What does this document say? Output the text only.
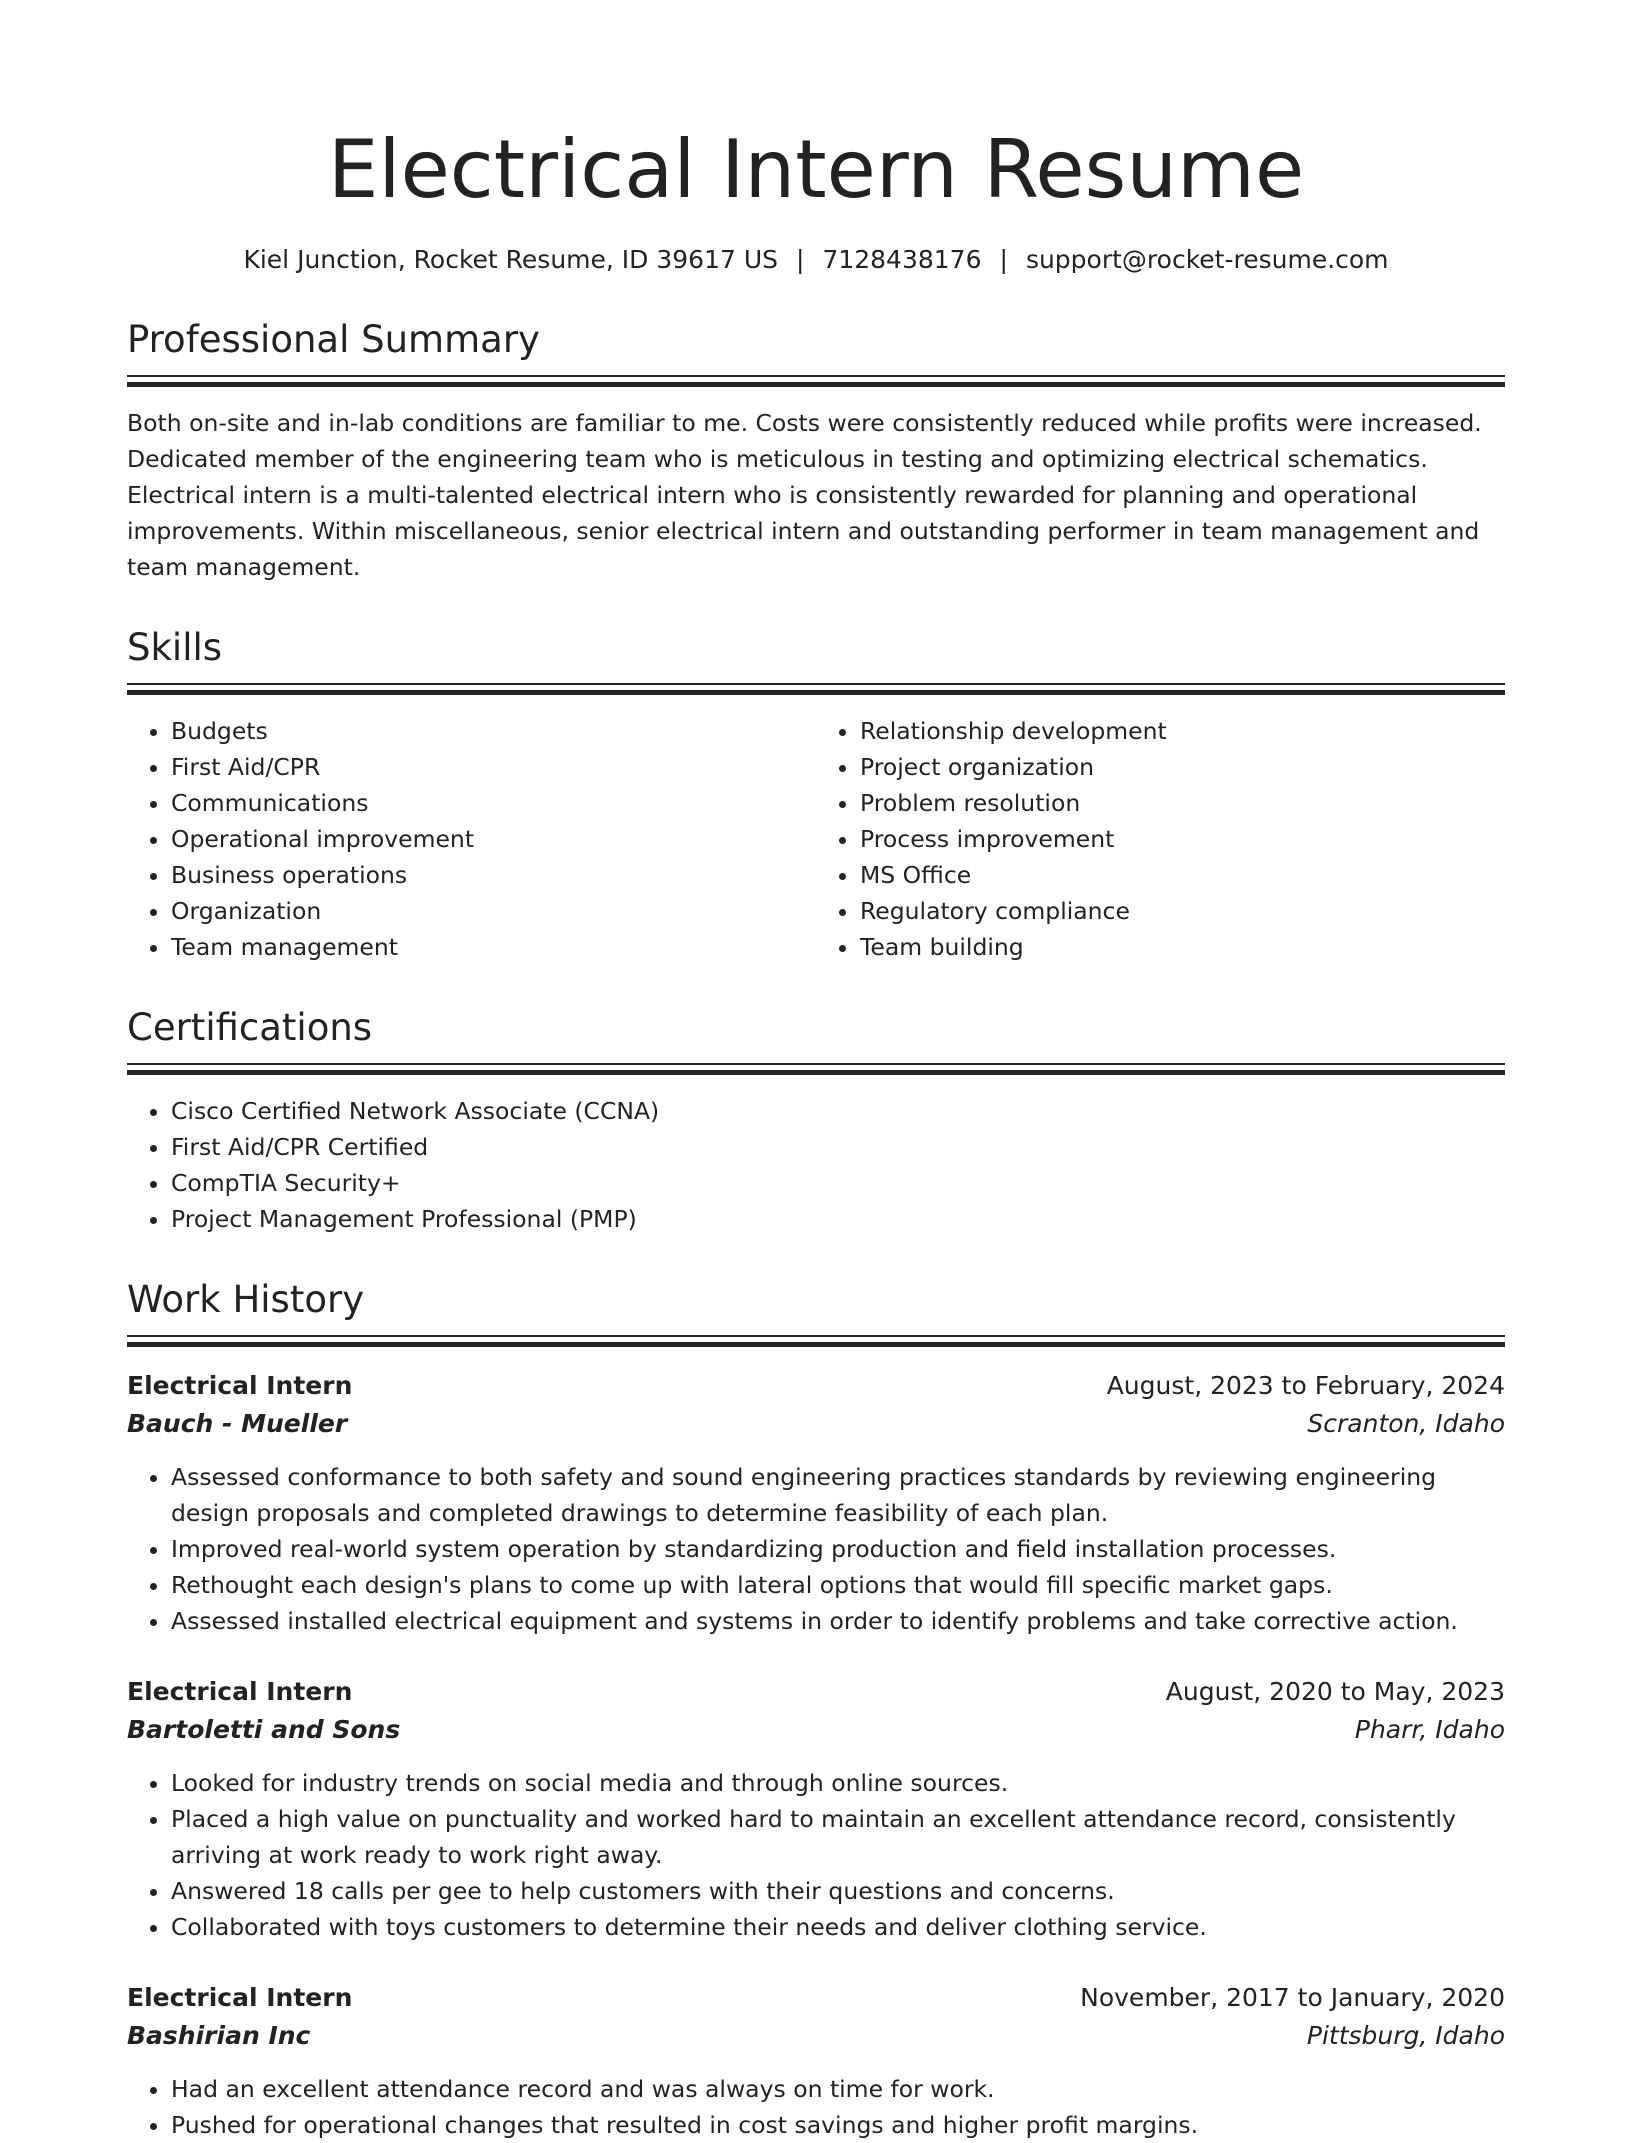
Electrical Intern Resume
Kiel Junction, Rocket Resume, ID 39617 US | 7128438176 | support@rocket-resume.com
Professional Summary
Both on-site and in-lab conditions are familiar to me. Costs were consistently reduced while profits were increased. Dedicated member of the engineering team who is meticulous in testing and optimizing electrical schematics. Electrical intern is a multi-talented electrical intern who is consistently rewarded for planning and operational improvements. Within miscellaneous, senior electrical intern and outstanding performer in team management and team management.
Skills
• Budgets
• First Aid/CPR
• Communications
• Operational improvement
• Business operations
• Organization
• Team management
• Relationship development
• Project organization
• Problem resolution
• Process improvement
• MS Office
• Regulatory compliance
• Team building
Certifications
• Cisco Certified Network Associate (CCNA)
• First Aid/CPR Certified
• CompTIA Security+
• Project Management Professional (PMP)
Work History
Electrical Intern	August, 2023 to February, 2024
Bauch - Mueller	Scranton, Idaho
• Assessed conformance to both safety and sound engineering practices standards by reviewing engineering design proposals and completed drawings to determine feasibility of each plan.
• Improved real-world system operation by standardizing production and field installation processes.
• Rethought each design's plans to come up with lateral options that would fill specific market gaps.
• Assessed installed electrical equipment and systems in order to identify problems and take corrective action.
Electrical Intern	August, 2020 to May, 2023
Bartoletti and Sons	Pharr, Idaho
• Looked for industry trends on social media and through online sources.
• Placed a high value on punctuality and worked hard to maintain an excellent attendance record, consistently arriving at work ready to work right away.
• Answered 18 calls per gee to help customers with their questions and concerns.
• Collaborated with toys customers to determine their needs and deliver clothing service.
Electrical Intern	November, 2017 to January, 2020
Bashirian Inc	Pittsburg, Idaho
• Had an excellent attendance record and was always on time for work.
• Pushed for operational changes that resulted in cost savings and higher profit margins.
